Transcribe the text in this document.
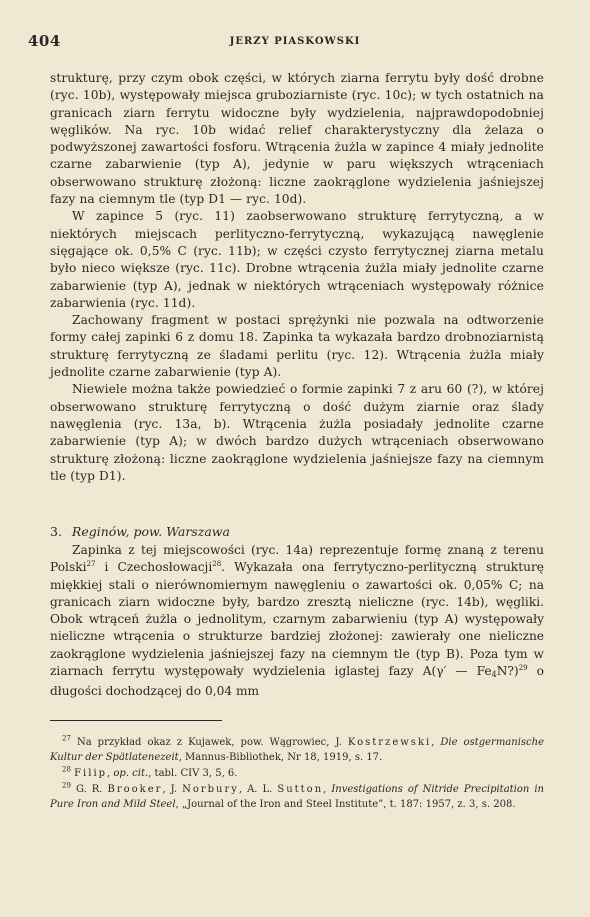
404	JERZY PIASKOWSKI

strukturę, przy czym obok części, w których ziarna ferrytu były dość drobne (ryc. 10b), występowały miejsca gruboziarniste (ryc. 10c); w tych ostatnich na granicach ziarn ferrytu widoczne były wydzielenia, najprawdopodobniej węglików. Na ryc. 10b widać relief charakterystyczny dla żelaza o podwyższonej zawartości fosforu. Wtrącenia żużla w zapince 4 miały jednolite czarne zabarwienie (typ A), jedynie w paru większych wtrąceniach obserwowano strukturę złożoną: liczne zaokrąglone wydzielenia jaśniejszej fazy na ciemnym tle (typ D1 — ryc. 10d).

W zapince 5 (ryc. 11) zaobserwowano strukturę ferrytyczną, a w niektórych miejscach perlityczno-ferrytyczną, wykazującą nawęglenie sięgające ok. 0,5% C (ryc. 11b); w części czysto ferrytycznej ziarna metalu było nieco większe (ryc. 11c). Drobne wtrącenia żużla miały jednolite czarne zabarwienie (typ A), jednak w niektórych wtrąceniach występowały różnice zabarwienia (ryc. 11d).

Zachowany fragment w postaci sprężynki nie pozwala na odtworzenie formy całej zapinki 6 z domu 18. Zapinka ta wykazała bardzo drobnoziarnistą strukturę ferrytyczną ze śladami perlitu (ryc. 12). Wtrącenia żużla miały jednolite czarne zabarwienie (typ A).

Niewiele można także powiedzieć o formie zapinki 7 z aru 60 (?), w której obserwowano strukturę ferrytyczną o dość dużym ziarnie oraz ślady nawęglenia (ryc. 13a, b). Wtrącenia żużla posiadały jednolite czarne zabarwienie (typ A); w dwóch bardzo dużych wtrąceniach obserwowano strukturę złożoną: liczne zaokrąglone wydzielenia jaśniejsze fazy na ciemnym tle (typ D1).

3. Reginów, pow. Warszawa

Zapinka z tej miejscowości (ryc. 14a) reprezentuje formę znaną z terenu Polski$^{27}$ i Czechosłowacji$^{28}$. Wykazała ona ferrytyczno-perlityczną strukturę miękkiej stali o nierównomiernym nawęgleniu o zawartości ok. 0,05% C; na granicach ziarn widoczne były, bardzo zresztą nieliczne (ryc. 14b), węgliki. Obok wtrąceń żużla o jednolitym, czarnym zabarwieniu (typ A) występowały nieliczne wtrącenia o strukturze bardziej złożonej: zawierały one nieliczne zaokrąglone wydzielenia jaśniejszej fazy na ciemnym tle (typ B). Poza tym w ziarnach ferrytu występowały wydzielenia iglastej fazy A(γ′ — $Fe_4N?)^{29}$ o długości dochodzącej do 0,04 mm

$^{27}$ Na przykład okaz z Kujawek, pow. Wągrowiec, J. Kostrzewski, Die ostgermanische Kultur der Spätlatenezeit, Mannus-Bibliothek, Nr 18, 1919, s. 17.

$^{28}$ Filip, op. cit., tabl. CIV 3, 5, 6.

$^{29}$ G. R. Brooker, J. Norbury, A. L. Sutton, Investigations of Nitride Precipitation in Pure Iron and Mild Steel, „Journal of the Iron and Steel Institute”, t. 187: 1957, z. 3, s. 208.
